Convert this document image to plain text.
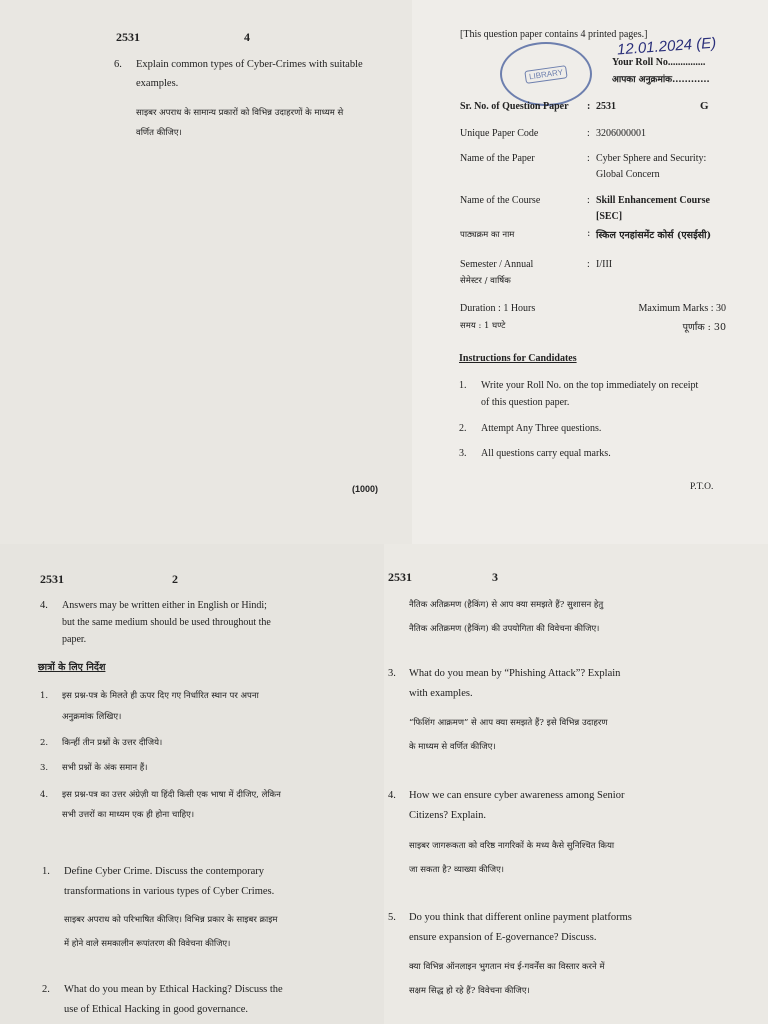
2531	4
6. Explain common types of Cyber-Crimes with suitable
examples.
साइबर अपराध के सामान्य प्रकारों को विभिन्न उदाहरणों के माध्यम से
वर्णित कीजिए।
(1000)
[This question paper contains 4 printed pages.]
LIBRARY
12.01.2024 (E)
Your Roll No...............
आपका अनुक्रमांक............
Sr. No. of Question Paper : 2531	G
Unique Paper Code	: 3206000001
Name of the Paper	: Cyber Sphere and Security:
Global Concern
Name of the Course	: Skill Enhancement Course
[SEC]
पाठ्यक्रम का नाम	: स्किल एनहांसमेंट कोर्स (एसईसी)
Semester / Annual
सेमेस्टर / वार्षिक
: I/III
Duration : 1 Hours
समय : 1 घण्टे
Maximum Marks : 30
पूर्णांक : 30
Instructions for Candidates
1. Write your Roll No. on the top immediately on receipt
of this question paper.
2. Attempt Any Three questions.
3. All questions carry equal marks.
P.T.O.
2531	2
4. Answers may be written either in English or Hindi;
but the same medium should be used throughout the
paper.
छात्रों के लिए निर्देश
1. इस प्रश्न-पत्र के मिलते ही ऊपर दिए गए निर्धारित स्थान पर अपना
अनुक्रमांक लिखिए।
2. किन्हीं तीन प्रश्नों के उत्तर दीजिये।
3. सभी प्रश्नों के अंक समान हैं।
4. इस प्रश्न-पत्र का उत्तर अंग्रेज़ी या हिंदी किसी एक भाषा में दीजिए, लेकिन
सभी उत्तरों का माध्यम एक ही होना चाहिए।
1. Define Cyber Crime. Discuss the contemporary
transformations in various types of Cyber Crimes.
साइबर अपराध को परिभाषित कीजिए। विभिन्न प्रकार के साइबर क्राइम
में होने वाले समकालीन रूपांतरण की विवेचना कीजिए।
2. What do you mean by Ethical Hacking? Discuss the
use of Ethical Hacking in good governance.
2531	3
नैतिक अतिक्रमण (हैकिंग) से आप क्या समझते हैं? सुशासन हेतु
नैतिक अतिक्रमण (हैकिंग) की उपयोगिता की विवेचना कीजिए।
3. What do you mean by “Phishing Attack”? Explain
with examples.
“फिशिंग आक्रमण” से आप क्या समझते हैं? इसे विभिन्न उदाहरण
के माध्यम से वर्णित कीजिए।
4. How we can ensure cyber awareness among Senior
Citizens? Explain.
साइबर जागरूकता को वरिष्ठ नागरिकों के मध्य कैसे सुनिश्चित किया
जा सकता है? व्याख्या कीजिए।
5. Do you think that different online payment platforms
ensure expansion of E-governance? Discuss.
क्या विभिन्न ऑनलाइन भुगतान मंच ई-गवर्नेंस का विस्तार करने में
सक्षम सिद्ध हो रहे हैं? विवेचना कीजिए।
